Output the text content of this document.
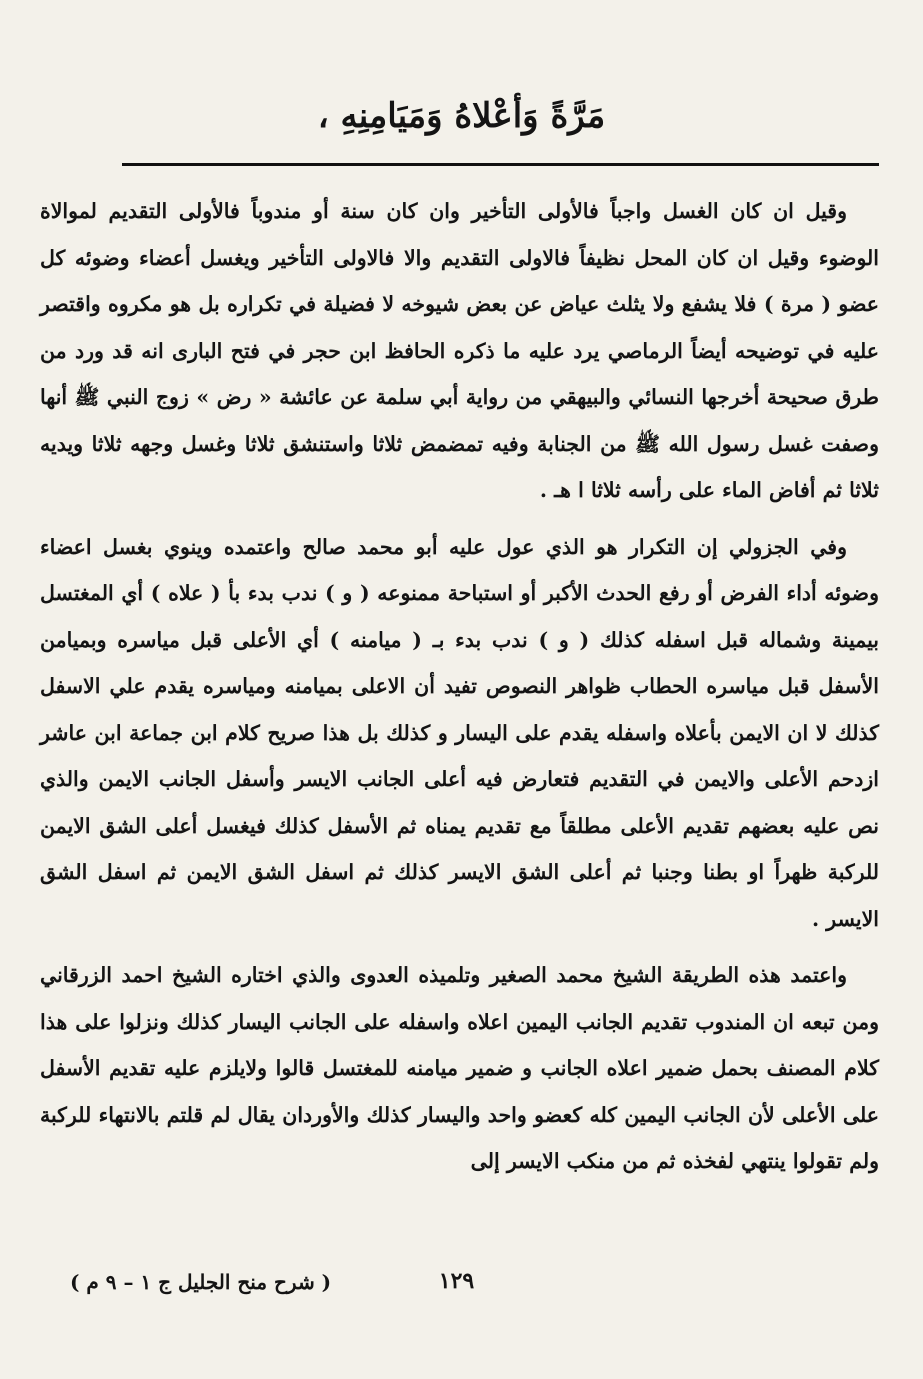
مَرَّةً وَأعْلاهُ وَمَيَامِنِهِ ،

وقيل ان كان الغسل واجباً فالأولى التأخير وان كان سنة أو مندوباً فالأولى التقديم لموالاة الوضوء وقيل ان كان المحل نظيفاً فالاولى التقديم والا فالاولى التأخير ويغسل أعضاء وضوئه كل عضو ( مرة ) فلا يشفع ولا يثلث عياض عن بعض شيوخه لا فضيلة في تكراره بل هو مكروه واقتصر عليه في توضيحه أيضاً الرماصي يرد عليه ما ذكره الحافظ ابن حجر في فتح البارى انه قد ورد من طرق صحيحة أخرجها النسائي والبيهقي من رواية أبي سلمة عن عائشة « رض » زوج النبي ﷺ أنها وصفت غسل رسول الله ﷺ من الجنابة وفيه تمضمض ثلاثا واستنشق ثلاثا وغسل وجهه ثلاثا ويديه ثلاثا ثم أفاض الماء على رأسه ثلاثا ا هـ .

وفي الجزولي إن التكرار هو الذي عول عليه أبو محمد صالح واعتمده وينوي بغسل اعضاء وضوئه أداء الفرض أو رفع الحدث الأكبر أو استباحة ممنوعه ( و ) ندب بدء بأ ( علاه ) أي المغتسل بيمينة وشماله قبل اسفله كذلك ( و ) ندب بدء بـ ( ميامنه ) أي الأعلى قبل مياسره وبميامن الأسفل قبل مياسره الحطاب ظواهر النصوص تفيد أن الاعلى بميامنه ومياسره يقدم علي الاسفل كذلك لا ان الايمن بأعلاه واسفله يقدم على اليسار و كذلك بل هذا صريح كلام ابن جماعة ابن عاشر ازدحم الأعلى والايمن في التقديم فتعارض فيه أعلى الجانب الايسر وأسفل الجانب الايمن والذي نص عليه بعضهم تقديم الأعلى مطلقاً مع تقديم يمناه ثم الأسفل كذلك فيغسل أعلى الشق الايمن للركبة ظهراً او بطنا وجنبا ثم أعلى الشق الايسر كذلك ثم اسفل الشق الايمن ثم اسفل الشق الايسر .

واعتمد هذه الطريقة الشيخ محمد الصغير وتلميذه العدوى والذي اختاره الشيخ احمد الزرقاني ومن تبعه ان المندوب تقديم الجانب اليمين اعلاه واسفله على الجانب اليسار كذلك ونزلوا على هذا كلام المصنف بحمل ضمير اعلاه الجانب و ضمير ميامنه للمغتسل قالوا ولايلزم عليه تقديم الأسفل على الأعلى لأن الجانب اليمين كله كعضو واحد واليسار كذلك والأوردان يقال لم قلتم بالانتهاء للركبة ولم تقولوا ينتهي لفخذه ثم من منكب الايسر إلى

١٢٩
( شرح منح الجليل ج ١ – ٩ م )
